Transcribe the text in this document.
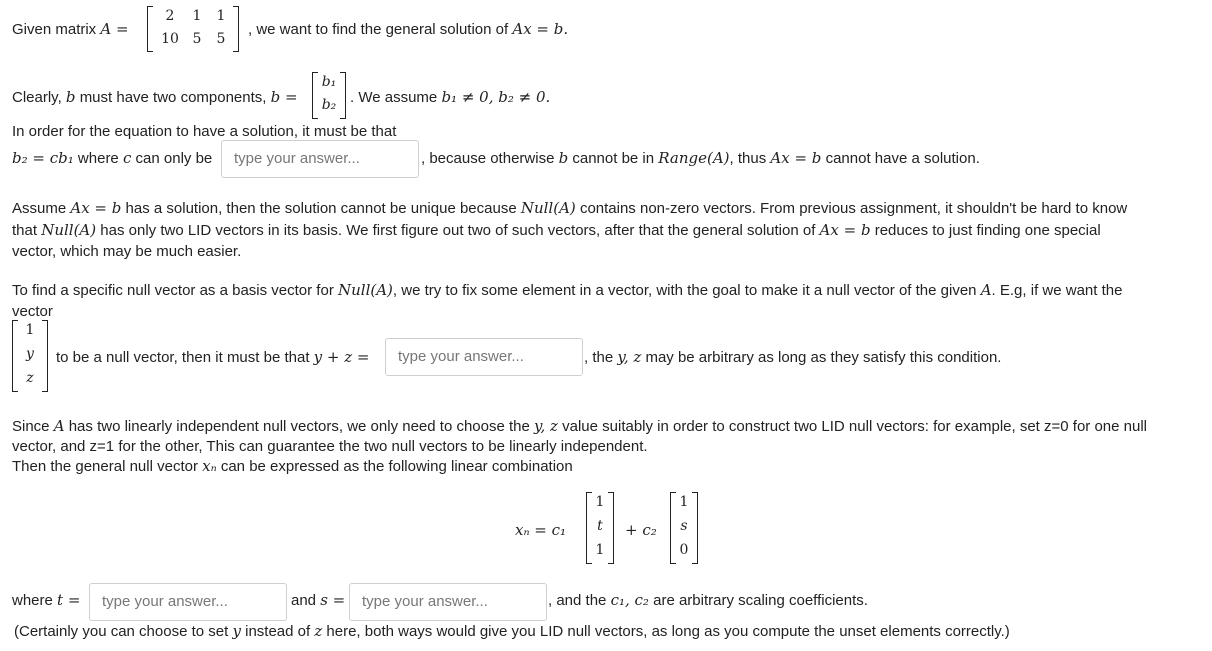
Given matrix A =
2	1	1
10 5	5
, we want to find the general solution of Ax = b.
Clearly, b must have two components, b =
b₁
b₂ . We assume b₁ ≠ 0, b₂ ≠ 0.
In order for the equation to have a solution, it must be that
b₂ = cb₁ where c can only be	type your answer...	, because otherwise b cannot be in Range(A), thus Ax = b cannot have a solution.
Assume Ax = b has a solution, then the solution cannot be unique because Null(A) contains non-zero vectors. From previous assignment, it shouldn't be hard to know
that Null(A) has only two LID vectors in its basis. We first figure out two of such vectors, after that the general solution of Ax = b reduces to just finding one special
vector, which may be much easier.
To find a specific null vector as a basis vector for Null(A), we try to fix some element in a vector, with the goal to make it a null vector of the given A. E.g, if we want the
vector
1
y
z
to be a null vector, then it must be that y + z =	type your answer...	, the y, z may be arbitrary as long as they satisfy this condition.
Since A has two linearly independent null vectors, we only need to choose the y, z value suitably in order to construct two LID null vectors: for example, set z=0 for one null
vector, and z=1 for the other, This can guarantee the two null vectors to be linearly independent.
Then the general null vector xₙ can be expressed as the following linear combination
xₙ = c₁
1
t
1
+ c₂
1
s
0
where t =	type your answer...	and s =	type your answer...	, and the c₁, c₂ are arbitrary scaling coefficients.
(Certainly you can choose to set y instead of z here, both ways would give you LID null vectors, as long as you compute the unset elements correctly.)
